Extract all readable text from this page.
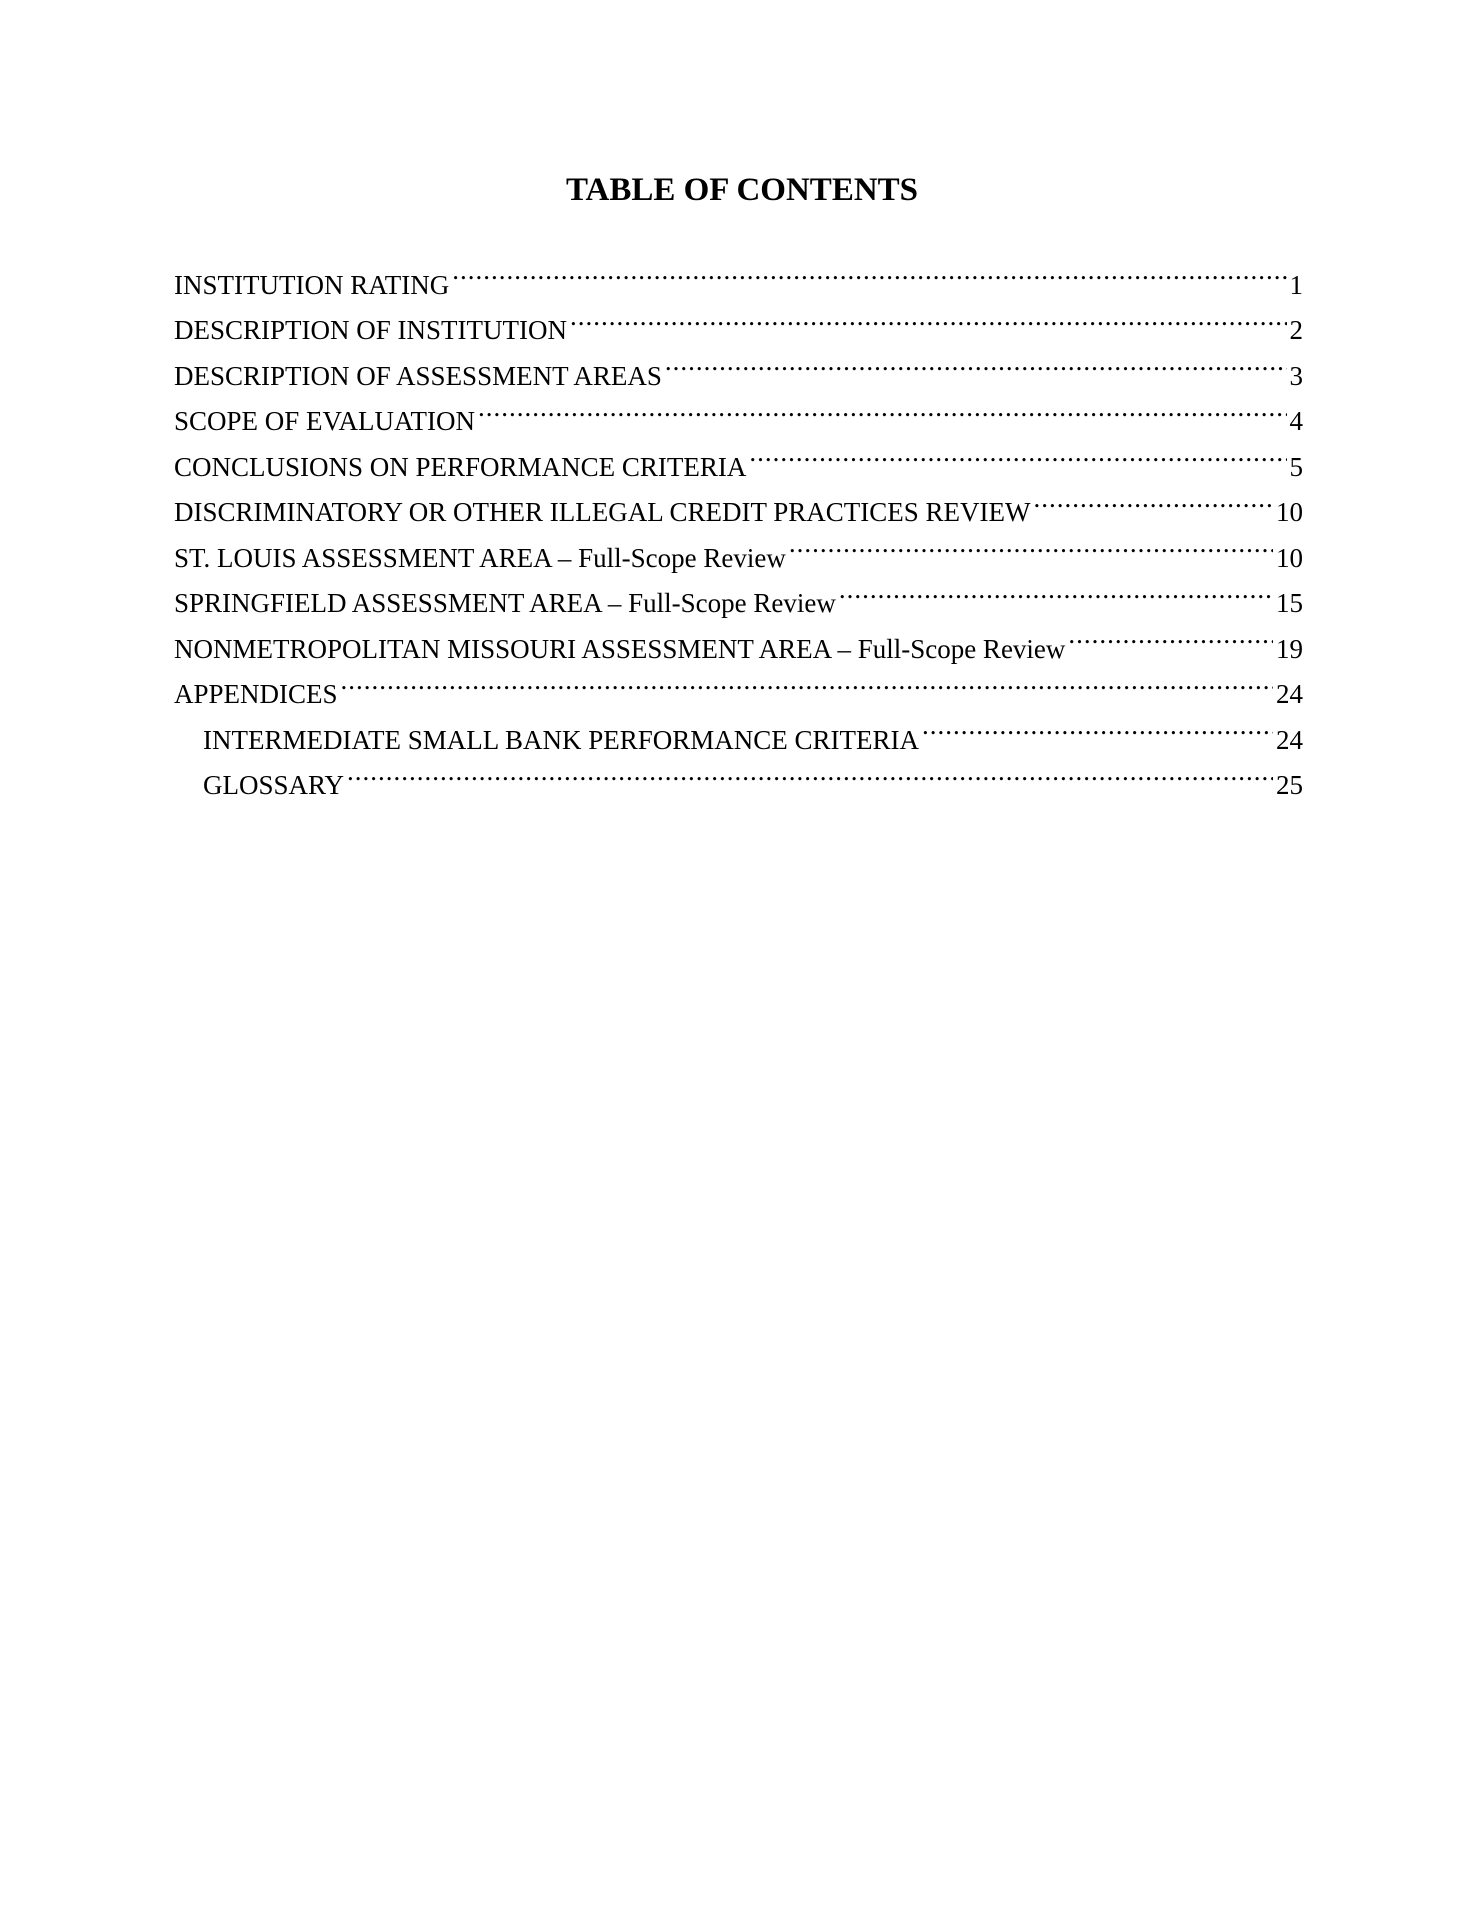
TABLE OF CONTENTS
INSTITUTION RATING .....	1
DESCRIPTION OF INSTITUTION .....	2
DESCRIPTION OF ASSESSMENT AREAS .....	3
SCOPE OF EVALUATION .....	4
CONCLUSIONS ON PERFORMANCE CRITERIA .....	5
DISCRIMINATORY OR OTHER ILLEGAL CREDIT PRACTICES REVIEW .....	10
ST. LOUIS ASSESSMENT AREA – Full-Scope Review .....	10
SPRINGFIELD ASSESSMENT AREA – Full-Scope Review .....	15
NONMETROPOLITAN MISSOURI ASSESSMENT AREA – Full-Scope Review .....	19
APPENDICES .....	24
INTERMEDIATE SMALL BANK PERFORMANCE CRITERIA .....	24
GLOSSARY .....	25
